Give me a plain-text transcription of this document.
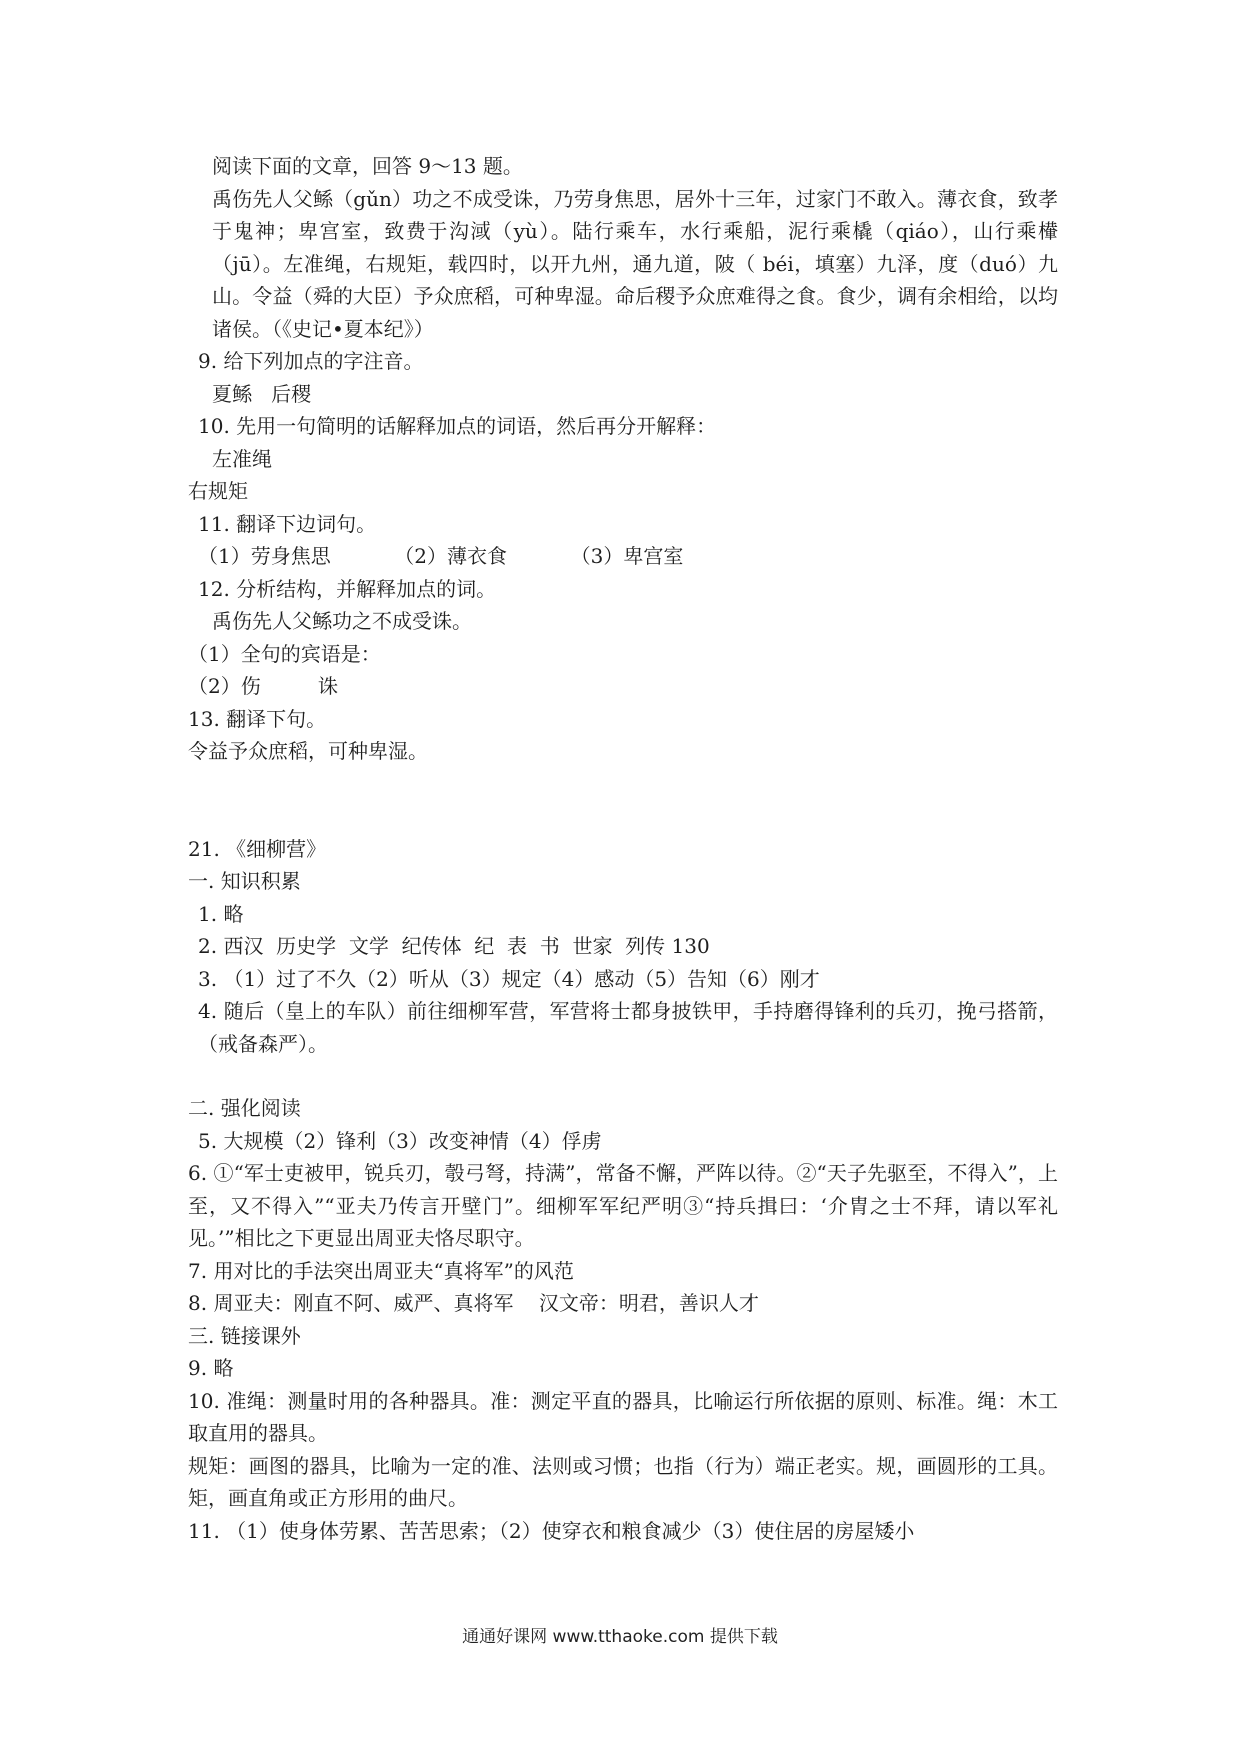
阅读下面的文章，回答 9～13 题。
禹伤先人父鲧（gǔn）功之不成受诛，乃劳身焦思，居外十三年，过家门不敢入。薄衣食，致孝于鬼神；卑宫室，致费于沟淢（yù）。陆行乘车，水行乘船，泥行乘橇（qiáo），山行乘檋（jū）。左准绳，右规矩，载四时，以开九州，通九道，陂（ béi，填塞）九泽，度（duó）九山。令益（舜的大臣）予众庶稻，可种卑湿。命后稷予众庶难得之食。食少，调有余相给，以均诸侯。（《史记•夏本纪》）
9. 给下列加点的字注音。
夏鲧   后稷
10. 先用一句简明的话解释加点的词语，然后再分开解释：
左准绳
右规矩
11. 翻译下边词句。
（1）劳身焦思          （2）薄衣食          （3）卑宫室
12. 分析结构，并解释加点的词。
禹伤先人父鲧功之不成受诛。
（1）全句的宾语是：
（2）伤         诛
13. 翻译下句。
令益予众庶稻，可种卑湿。
21. 《细柳营》
一. 知识积累
1. 略
2. 西汉  历史学  文学  纪传体  纪  表  书  世家  列传 130
3. （1）过了不久（2）听从（3）规定（4）感动（5）告知（6）刚才
4. 随后（皇上的车队）前往细柳军营，军营将士都身披铁甲，手持磨得锋利的兵刃，挽弓搭箭，（戒备森严）。
二. 强化阅读
5. 大规模（2）锋利（3）改变神情（4）俘虏
6. ①“军士吏被甲，锐兵刃，彀弓弩，持满”，常备不懈，严阵以待。②“天子先驱至，不得入”，上至，又不得入”“亚夫乃传言开壁门”。细柳军军纪严明③“持兵揖曰：‘介胄之士不拜，请以军礼见。’”相比之下更显出周亚夫恪尽职守。
7. 用对比的手法突出周亚夫“真将军”的风范
8. 周亚夫：刚直不阿、威严、真将军    汉文帝：明君，善识人才
三. 链接课外
9. 略
10. 准绳：测量时用的各种器具。准：测定平直的器具，比喻运行所依据的原则、标准。绳：木工取直用的器具。
规矩：画图的器具，比喻为一定的准、法则或习惯；也指（行为）端正老实。规，画圆形的工具。矩，画直角或正方形用的曲尺。
11. （1）使身体劳累、苦苦思索；（2）使穿衣和粮食减少（3）使住居的房屋矮小
通通好课网 www.tthaoke.com 提供下载
